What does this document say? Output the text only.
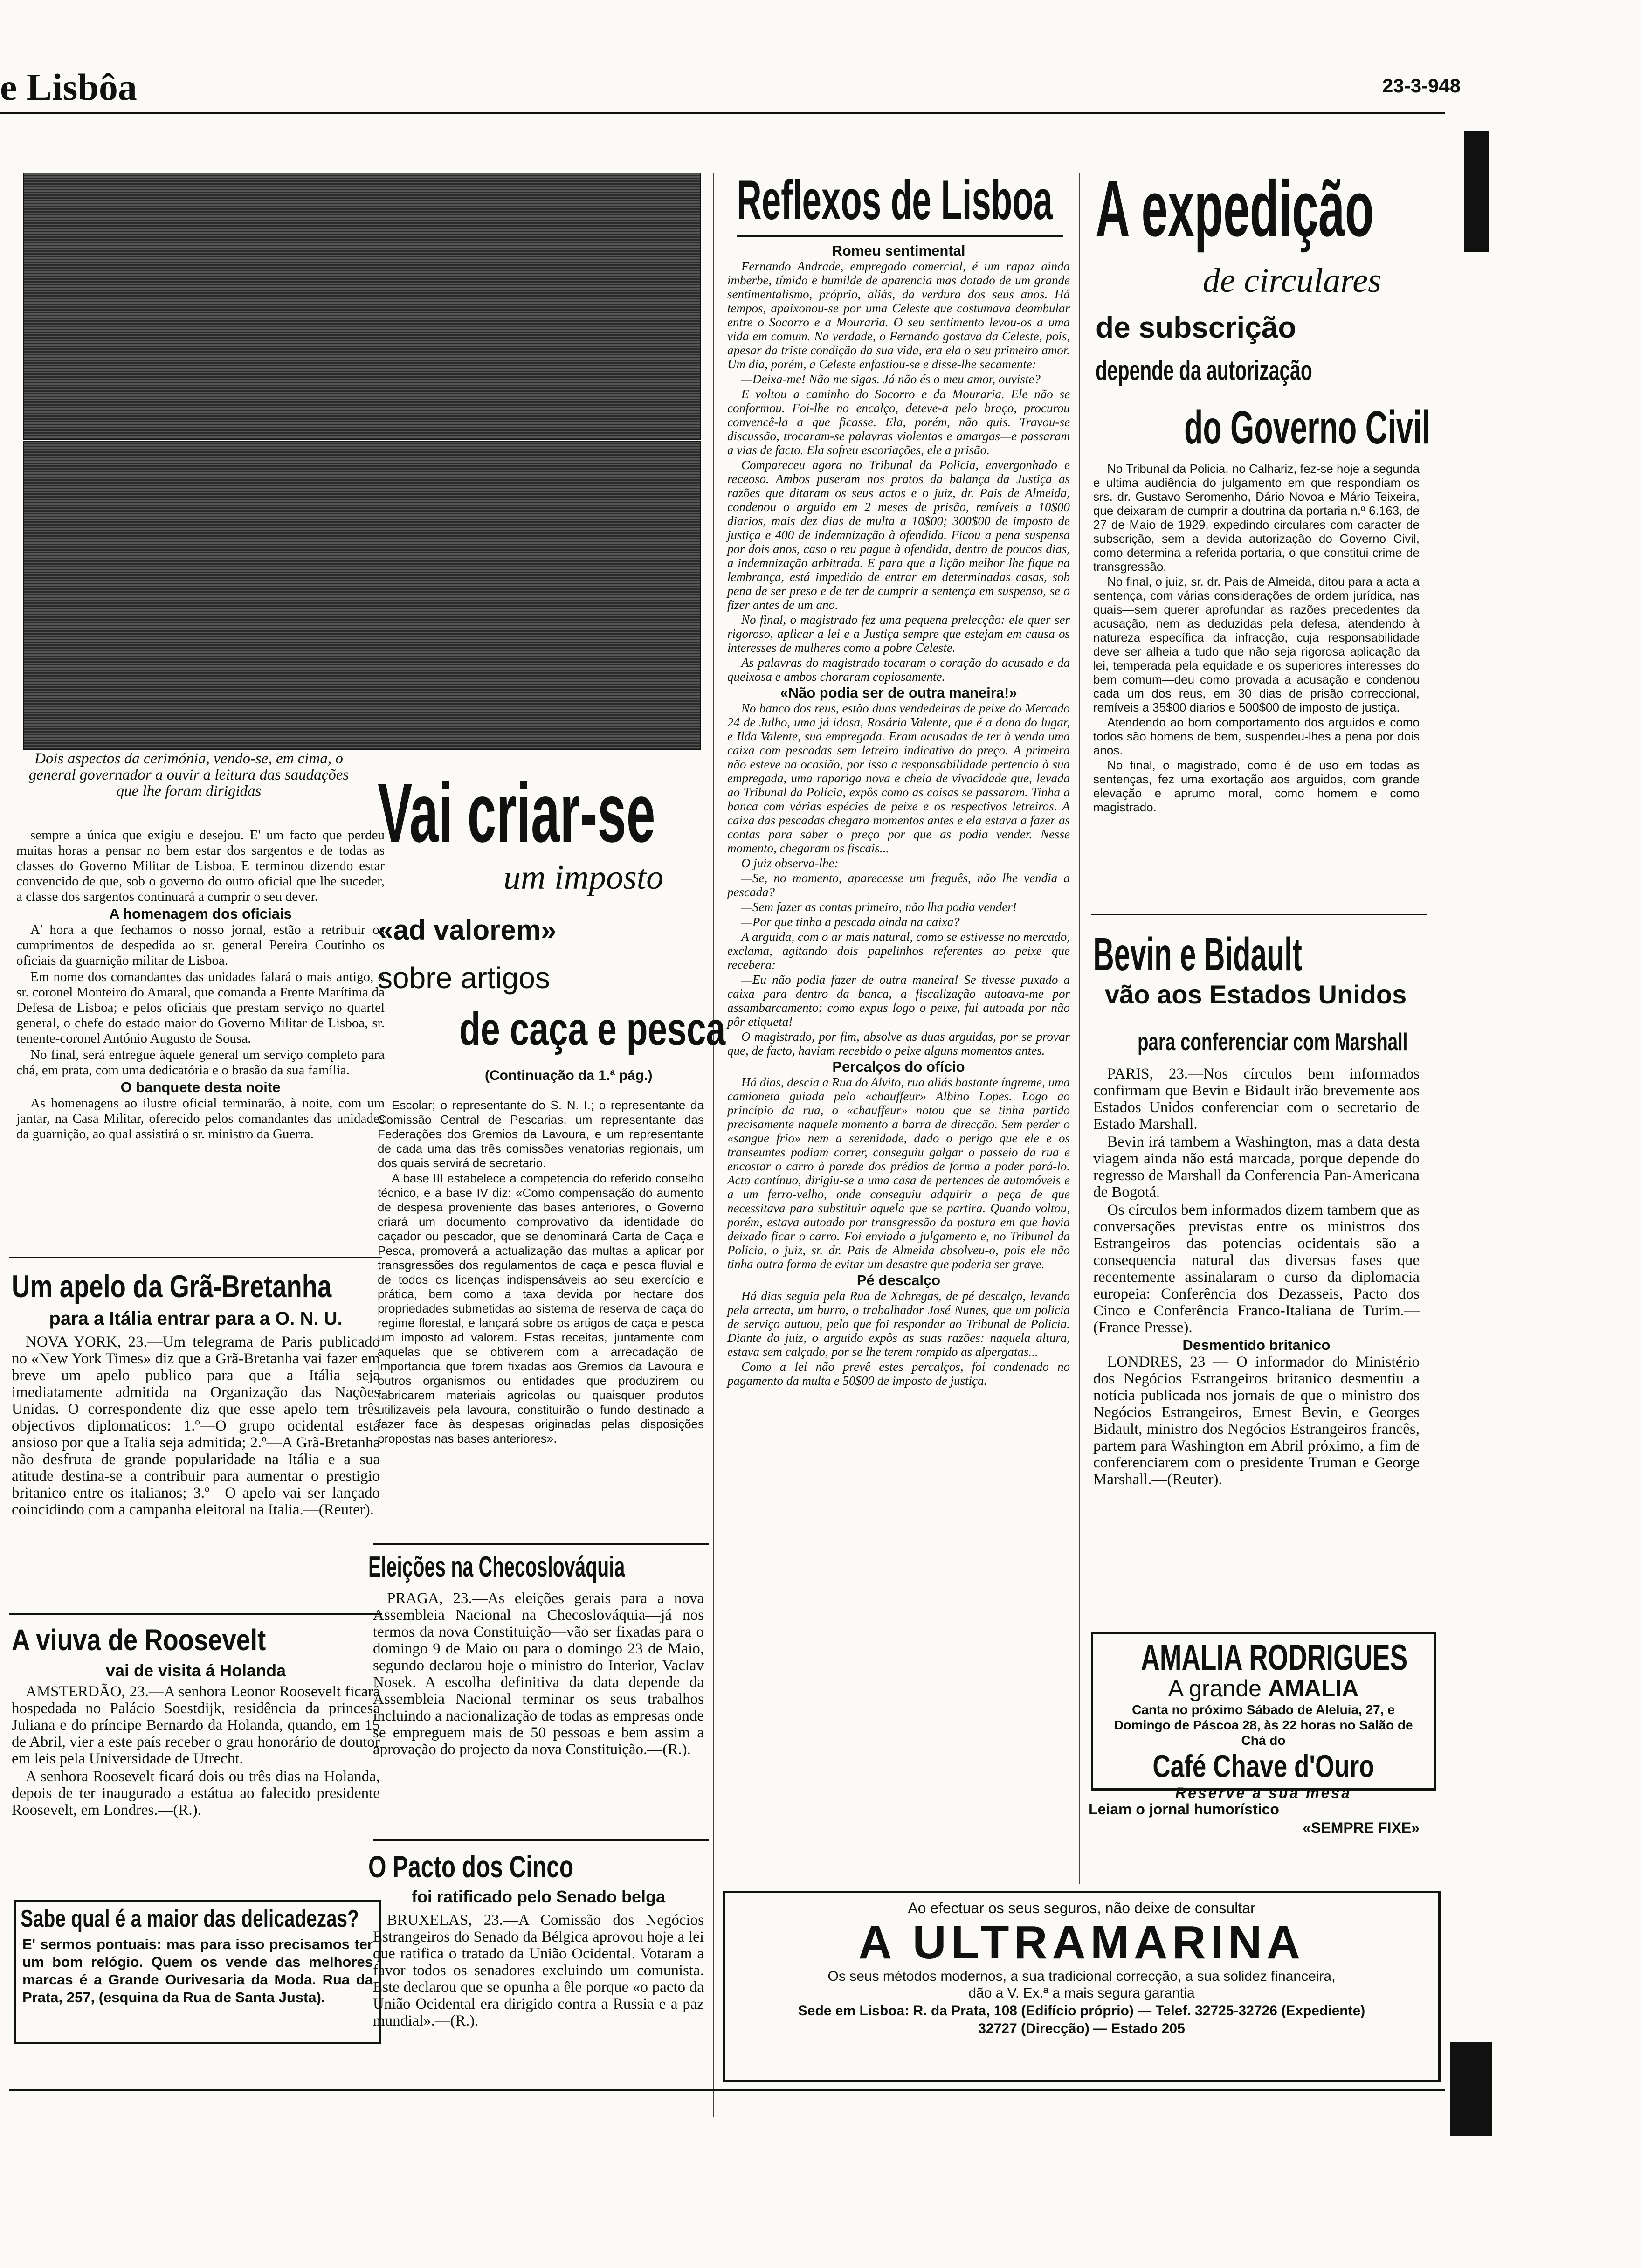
e Lisbôa	23-3-948
Dois aspectos da cerimónia, vendo-se, em cima, o general governador a ouvir a leitura das saudações que lhe foram dirigidas

sempre a única que exigiu e desejou. E' um facto que perdeu muitas horas a pensar no bem estar dos sargentos e de todas as classes do Governo Militar de Lisboa. E terminou dizendo estar convencido de que, sob o governo do outro oficial que lhe suceder, a classe dos sargentos continuará a cumprir o seu dever.

A homenagem dos oficiais

A' hora a que fechamos o nosso jornal, estão a retribuir os cumprimentos de despedida ao sr. general Pereira Coutinho os oficiais da guarnição militar de Lisboa.

Em nome dos comandantes das unidades falará o mais antigo, o sr. coronel Monteiro do Amaral, que comanda a Frente Marítima da Defesa de Lisboa; e pelos oficiais que prestam serviço no quartel general, o chefe do estado maior do Governo Militar de Lisboa, sr. tenente-coronel António Augusto de Sousa.

No final, será entregue àquele general um serviço completo para chá, em prata, com uma dedicatória e o brasão da sua família.

O banquete desta noite

As homenagens ao ilustre oficial terminarão, à noite, com um jantar, na Casa Militar, oferecido pelos comandantes das unidades da guarnição, ao qual assistirá o sr. ministro da Guerra.

Um apelo da Grã-Bretanha
para a Itália entrar para a O. N. U.

NOVA YORK, 23.—Um telegrama de Paris publicado no «New York Times» diz que a Grã-Bretanha vai fazer em breve um apelo publico para que a Itália seja imediatamente admitida na Organização das Nações Unidas. O correspondente diz que esse apelo tem três objectivos diplomaticos: 1.º—O grupo ocidental está ansioso por que a Italia seja admitida; 2.º—A Grã-Bretanha não desfruta de grande popularidade na Itália e a sua atitude destina-se a contribuir para aumentar o prestigio britanico entre os italianos; 3.º—O apelo vai ser lançado coincidindo com a campanha eleitoral na Italia.—(Reuter).

A viuva de Roosevelt
vai de visita á Holanda

AMSTERDÃO, 23.—A senhora Leonor Roosevelt ficará hospedada no Palácio Soestdijk, residência da princesa Juliana e do príncipe Bernardo da Holanda, quando, em 15 de Abril, vier a este país receber o grau honorário de doutor em leis pela Universidade de Utrecht.

A senhora Roosevelt ficará dois ou três dias na Holanda, depois de ter inaugurado a estátua ao falecido presidente Roosevelt, em Londres.—(R.).

Sabe qual é a maior das delicadezas?
E' sermos pontuais: mas para isso precisamos ter um bom relógio. Quem os vende das melhores marcas é a Grande Ourivesaria da Moda. Rua da Prata, 257, (esquina da Rua de Santa Justa).
Vai criar-se
um imposto
«ad valorem»
sobre artigos
de caça e pesca
(Continuação da 1.ª pág.)

Escolar; o representante do S. N. I.; o representante da Comissão Central de Pescarias, um representante das Federações dos Gremios da Lavoura, e um representante de cada uma das três comissões venatorias regionais, um dos quais servirá de secretario.

A base III estabelece a competencia do referido conselho técnico, e a base IV diz: «Como compensação do aumento de despesa proveniente das bases anteriores, o Governo criará um documento comprovativo da identidade do caçador ou pescador, que se denominará Carta de Caça e Pesca, promoverá a actualização das multas a aplicar por transgressões dos regulamentos de caça e pesca fluvial e de todos os licenças indispensáveis ao seu exercício e prática, bem como a taxa devida por hectare dos propriedades submetidas ao sistema de reserva de caça do regime florestal, e lançará sobre os artigos de caça e pesca um imposto ad valorem. Estas receitas, juntamente com aquelas que se obtiverem com a arrecadação de importancia que forem fixadas aos Gremios da Lavoura e outros organismos ou entidades que produzirem ou fabricarem materiais agricolas ou quaisquer produtos utilizaveis pela lavoura, constituirão o fundo destinado a fazer face às despesas originadas pelas disposições propostas nas bases anteriores».

Eleições na Checoslováquia

PRAGA, 23.—As eleições gerais para a nova Assembleia Nacional na Checoslováquia—já nos termos da nova Constituição—vão ser fixadas para o domingo 9 de Maio ou para o domingo 23 de Maio, segundo declarou hoje o ministro do Interior, Vaclav Nosek. A escolha definitiva da data depende da Assembleia Nacional terminar os seus trabalhos incluindo a nacionalização de todas as empresas onde se empreguem mais de 50 pessoas e bem assim a aprovação do projecto da nova Constituição.—(R.).

O Pacto dos Cinco
foi ratificado pelo Senado belga

BRUXELAS, 23.—A Comissão dos Negócios Estrangeiros do Senado da Bélgica aprovou hoje a lei que ratifica o tratado da União Ocidental. Votaram a favor todos os senadores excluindo um comunista. Este declarou que se opunha a êle porque «o pacto da União Ocidental era dirigido contra a Russia e a paz mundial».—(R.).

Reflexos de Lisboa
Romeu sentimental

Fernando Andrade, empregado comercial, é um rapaz ainda imberbe, tímido e humilde de aparencia mas dotado de um grande sentimentalismo, próprio, aliás, da verdura dos seus anos. Há tempos, apaixonou-se por uma Celeste que costumava deambular entre o Socorro e a Mouraria. O seu sentimento levou-os a uma vida em comum. Na verdade, o Fernando gostava da Celeste, pois, apesar da triste condição da sua vida, era ela o seu primeiro amor. Um dia, porém, a Celeste enfastiou-se e disse-lhe secamente:

—Deixa-me! Não me sigas. Já não és o meu amor, ouviste?

E voltou a caminho do Socorro e da Mouraria. Ele não se conformou. Foi-lhe no encalço, deteve-a pelo braço, procurou convencê-la a que ficasse. Ela, porém, não quis. Travou-se discussão, trocaram-se palavras violentas e amargas—e passaram a vias de facto. Ela sofreu escoriações, ele a prisão.

Compareceu agora no Tribunal da Policia, envergonhado e receoso. Ambos puseram nos pratos da balança da Justiça as razões que ditaram os seus actos e o juiz, dr. Pais de Almeida, condenou o arguido em 2 meses de prisão, remíveis a 10$00 diarios, mais dez dias de multa a 10$00; 300$00 de imposto de justiça e 400 de indemnização à ofendida. Ficou a pena suspensa por dois anos, caso o reu pague à ofendida, dentro de poucos dias, a indemnização arbitrada. E para que a lição melhor lhe fique na lembrança, está impedido de entrar em determinadas casas, sob pena de ser preso e de ter de cumprir a sentença em suspenso, se o fizer antes de um ano.

No final, o magistrado fez uma pequena prelecção: ele quer ser rigoroso, aplicar a lei e a Justiça sempre que estejam em causa os interesses de mulheres como a pobre Celeste.

As palavras do magistrado tocaram o coração do acusado e da queixosa e ambos choraram copiosamente.

«Não podia ser de outra maneira!»

No banco dos reus, estão duas vendedeiras de peixe do Mercado 24 de Julho, uma já idosa, Rosária Valente, que é a dona do lugar, e Ilda Valente, sua empregada. Eram acusadas de ter à venda uma caixa com pescadas sem letreiro indicativo do preço. A primeira não esteve na ocasião, por isso a responsabilidade pertencia à sua empregada, uma rapariga nova e cheia de vivacidade que, levada ao Tribunal da Polícia, expôs como as coisas se passaram. Tinha a banca com várias espécies de peixe e os respectivos letreiros. A caixa das pescadas chegara momentos antes e ela estava a fazer as contas para saber o preço por que as podia vender. Nesse momento, chegaram os fiscais...

O juiz observa-lhe:

—Se, no momento, aparecesse um freguês, não lhe vendia a pescada?

—Sem fazer as contas primeiro, não lha podia vender!

—Por que tinha a pescada ainda na caixa?

A arguida, com o ar mais natural, como se estivesse no mercado, exclama, agitando dois papelinhos referentes ao peixe que recebera:

—Eu não podia fazer de outra maneira! Se tivesse puxado a caixa para dentro da banca, a fiscalização autoava-me por assambarcamento: como expus logo o peixe, fui autoada por não pôr etiqueta!

O magistrado, por fim, absolve as duas arguidas, por se provar que, de facto, haviam recebido o peixe alguns momentos antes.

Percalços do ofício

Há dias, descia a Rua do Alvito, rua aliás bastante íngreme, uma camioneta guiada pelo «chauffeur» Albino Lopes. Logo ao princípio da rua, o «chauffeur» notou que se tinha partido precisamente naquele momento a barra de direcção. Sem perder o «sangue frio» nem a serenidade, dado o perigo que ele e os transeuntes podiam correr, conseguiu galgar o passeio da rua e encostar o carro à parede dos prédios de forma a poder pará-lo. Acto contínuo, dirigiu-se a uma casa de pertences de automóveis e a um ferro-velho, onde conseguiu adquirir a peça de que necessitava para substituir aquela que se partira. Quando voltou, porém, estava autoado por transgressão da postura em que havia deixado ficar o carro. Foi enviado a julgamento e, no Tribunal da Policia, o juiz, sr. dr. Pais de Almeida absolveu-o, pois ele não tinha outra forma de evitar um desastre que poderia ser grave.

Pé descalço

Há dias seguia pela Rua de Xabregas, de pé descalço, levando pela arreata, um burro, o trabalhador José Nunes, que um policia de serviço autuou, pelo que foi respondar ao Tribunal de Policia. Diante do juiz, o arguido expôs as suas razões: naquela altura, estava sem calçado, por se lhe terem rompido as alpergatas...

Como a lei não prevê estes percalços, foi condenado no pagamento da multa e 50$00 de imposto de justiça.

A expedição
de circulares
de subscrição
depende da autorização
do Governo Civil

No Tribunal da Policia, no Calhariz, fez-se hoje a segunda e ultima audiência do julgamento em que respondiam os srs. dr. Gustavo Seromenho, Dário Novoa e Mário Teixeira, que deixaram de cumprir a doutrina da portaria n.º 6.163, de 27 de Maio de 1929, expedindo circulares com caracter de subscrição, sem a devida autorização do Governo Civil, como determina a referida portaria, o que constitui crime de transgressão.

No final, o juiz, sr. dr. Pais de Almeida, ditou para a acta a sentença, com várias considerações de ordem jurídica, nas quais—sem querer aprofundar as razões precedentes da acusação, nem as deduzidas pela defesa, atendendo à natureza específica da infracção, cuja responsabilidade deve ser alheia a tudo que não seja rigorosa aplicação da lei, temperada pela equidade e os superiores interesses do bem comum—deu como provada a acusação e condenou cada um dos reus, em 30 dias de prisão correccional, remíveis a 35$00 diarios e 500$00 de imposto de justiça.

Atendendo ao bom comportamento dos arguidos e como todos são homens de bem, suspendeu-lhes a pena por dois anos.

No final, o magistrado, como é de uso em todas as sentenças, fez uma exortação aos arguidos, com grande elevação e aprumo moral, como homem e como magistrado.

Bevin e Bidault
vão aos Estados Unidos
para conferenciar com Marshall

PARIS, 23.—Nos círculos bem informados confirmam que Bevin e Bidault irão brevemente aos Estados Unidos conferenciar com o secretario de Estado Marshall.

Bevin irá tambem a Washington, mas a data desta viagem ainda não está marcada, porque depende do regresso de Marshall da Conferencia Pan-Americana de Bogotá.

Os círculos bem informados dizem tambem que as conversações previstas entre os ministros dos Estrangeiros das potencias ocidentais são a consequencia natural das diversas fases que recentemente assinalaram o curso da diplomacia europeia: Conferência dos Dezasseis, Pacto dos Cinco e Conferência Franco-Italiana de Turim.—(France Presse).

Desmentido britanico

LONDRES, 23 — O informador do Ministério dos Negócios Estrangeiros britanico desmentiu a notícia publicada nos jornais de que o ministro dos Negócios Estrangeiros, Ernest Bevin, e Georges Bidault, ministro dos Negócios Estrangeiros francês, partem para Washington em Abril próximo, a fim de conferenciarem com o presidente Truman e George Marshall.—(Reuter).

AMALIA RODRIGUES
A grande AMALIA
Canta no próximo Sábado de Aleluia, 27, e Domingo de Páscoa 28, às 22 horas no Salão de Chá do
Café Chave d'Ouro
Reserve a sua mesa
Leiam o jornal humorístico
«SEMPRE FIXE»
Ao efectuar os seus seguros, não deixe de consultar
A ULTRAMARINA
Os seus métodos modernos, a sua tradicional correcção, a sua solidez financeira,
dão a V. Ex.ª a mais segura garantia
Sede em Lisboa: R. da Prata, 108 (Edifício próprio) — Telef. 32725-32726 (Expediente)
32727 (Direcção) — Estado 205
